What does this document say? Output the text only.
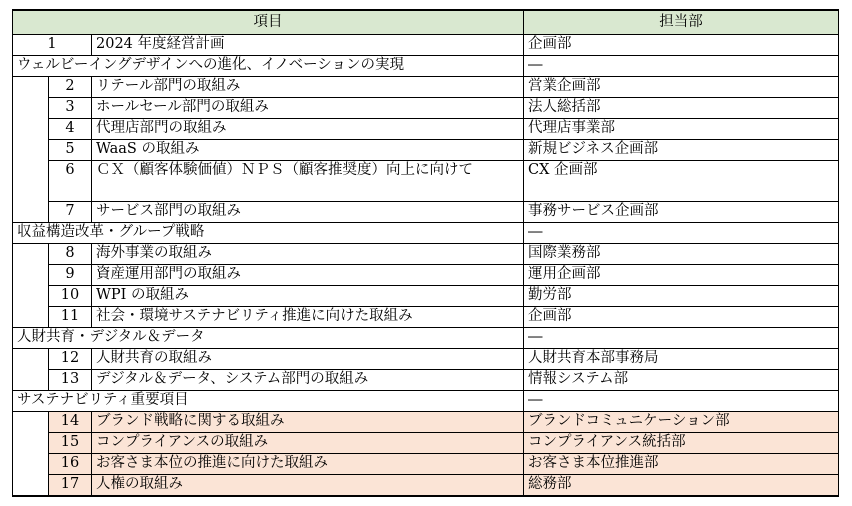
項目			担当部
1		2024 年度経営計画	企画部
ウェルビーイングデザインへの進化、イノベーションの実現			―
	2	リテール部門の取組み	営業企画部
	3	ホールセール部門の取組み	法人総括部
	4	代理店部門の取組み	代理店事業部
	5	WaaS の取組み	新規ビジネス企画部
	6	ＣＸ（顧客体験価値）ＮＰＳ（顧客推奨度）向上に向けて	CX 企画部
	7	サービス部門の取組み	事務サービス企画部
収益構造改革・グループ戦略			―
	8	海外事業の取組み	国際業務部
	9	資産運用部門の取組み	運用企画部
	10	WPI の取組み	勤労部
	11	社会・環境サステナビリティ推進に向けた取組み	企画部
人財共育・デジタル＆データ			―
	12	人財共育の取組み	人財共育本部事務局
	13	デジタル＆データ、システム部門の取組み	情報システム部
サステナビリティ重要項目			―
	14	ブランド戦略に関する取組み	ブランドコミュニケーション部
	15	コンプライアンスの取組み	コンプライアンス統括部
	16	お客さま本位の推進に向けた取組み	お客さま本位推進部
	17	人権の取組み	総務部
